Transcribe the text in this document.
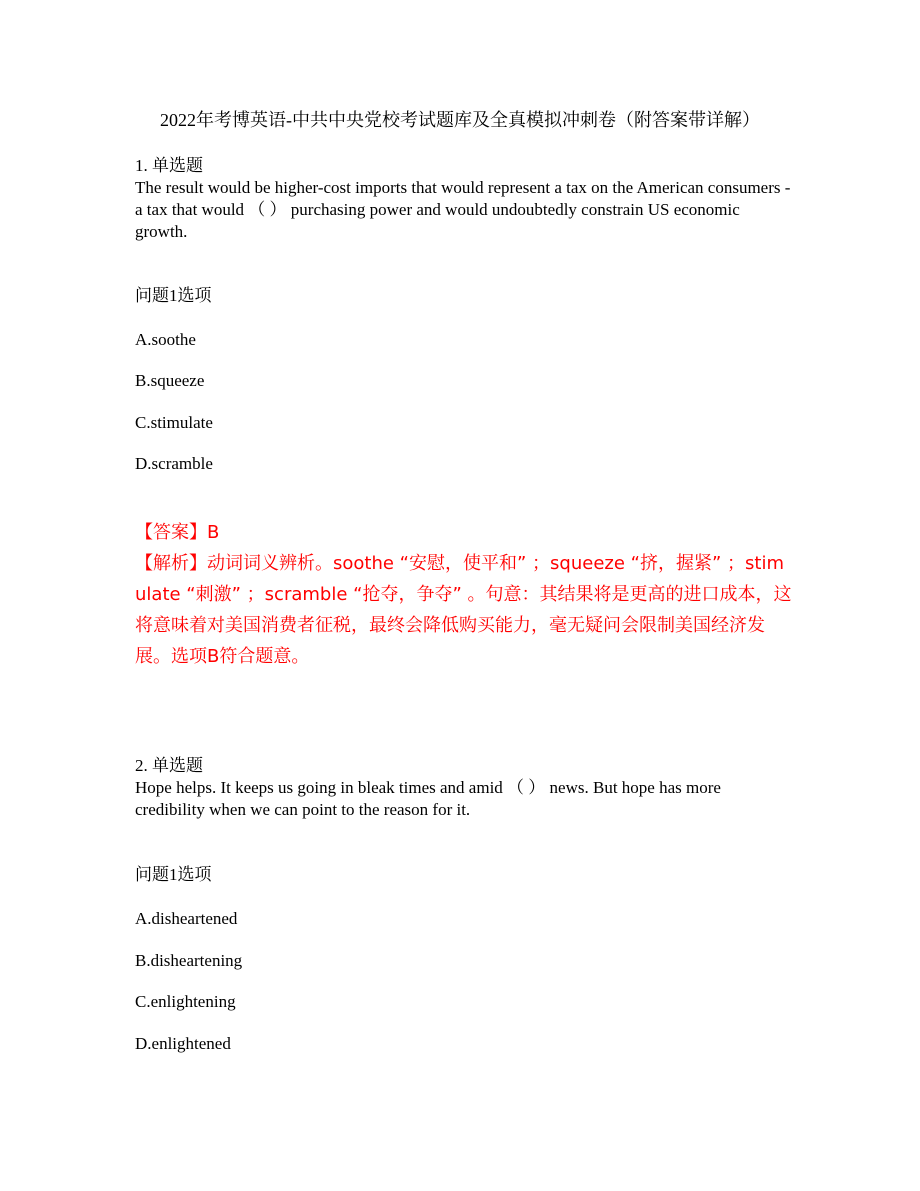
2022年考博英语-中共中央党校考试题库及全真模拟冲刺卷（附答案带详解）
1. 单选题

The result would be higher-cost imports that would represent a tax on the American consumers - a tax that would （ ） purchasing power and would undoubtedly constrain US economic growth.

问题1选项
A.soothe
B.squeeze
C.stimulate
D.scramble

【答案】B

【解析】动词词义辨析。soothe “安慰，使平和” ；squeeze “挤，握紧” ；stimulate “刺激” ；scramble “抢夺，争夺” 。句意：其结果将是更高的进口成本，这将意味着对美国消费者征税，最终会降低购买能力，毫无疑问会限制美国经济发展。选项B符合题意。

2. 单选题

Hope helps. It keeps us going in bleak times and amid （ ） news. But hope has more credibility when we can point to the reason for it.

问题1选项
A.disheartened
B.disheartening
C.enlightening
D.enlightened
